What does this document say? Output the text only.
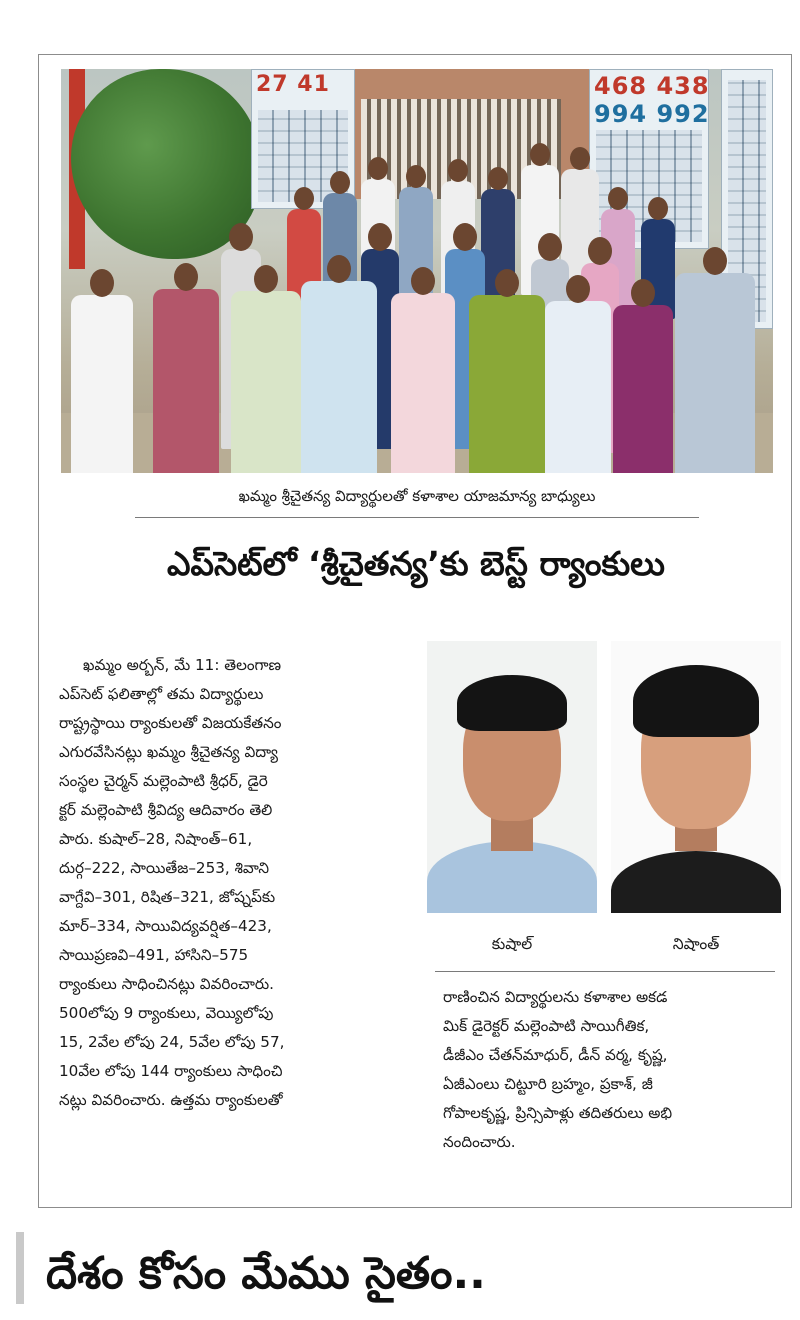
27 41	468 438
994 992
ఖమ్మం శ్రీచైతన్య విద్యార్థులతో కళాశాల యాజమాన్య బాధ్యులు
ఎప్‌సెట్‌లో ‘శ్రీచైతన్య’కు బెస్ట్ ర్యాంకులు
ఖమ్మం అర్బన్, మే 11: తెలంగాణ
ఎప్‌సెట్ ఫలితాల్లో తమ విద్యార్థులు
రాష్ట్రస్థాయి ర్యాంకులతో విజయకేతనం
ఎగురవేసినట్లు ఖమ్మం శ్రీచైతన్య విద్యా
సంస్థల చైర్మన్ మల్లెంపాటి శ్రీధర్, డైరె
క్టర్ మల్లెంపాటి శ్రీవిద్య ఆదివారం తెలి
పారు. కుషాల్–28, నిషాంత్–61,
దుర్గ–222, సాయితేజ–253, శివాని
వాగ్దేవి–301, రిషిత–321, జోష్నప్‌కు
మార్–334, సాయివిద్యవర్షిత–423,
సాయిప్రణవి–491, హాసిని–575
ర్యాంకులు సాధించినట్లు వివరించారు.
500లోపు 9 ర్యాంకులు, వెయ్యిలోపు
15, 2వేల లోపు 24, 5వేల లోపు 57,
10వేల లోపు 144 ర్యాంకులు సాధించి
నట్లు వివరించారు. ఉత్తమ ర్యాంకులతో
కుషాల్	నిషాంత్
రాణించిన విద్యార్థులను కళాశాల అకడ
మిక్ డైరెక్టర్ మల్లెంపాటి సాయిగీతిక,
డీజీఎం చేతన్‌మాధుర్, డీన్ వర్మ, కృష్ణ,
ఏజీఎంలు చిట్టూరి బ్రహ్మం, ప్రకాశ్, జీ
గోపాలకృష్ణ, ప్రిన్సిపాళ్లు తదితరులు అభి
నందించారు.
దేశం కోసం మేము సైతం..
